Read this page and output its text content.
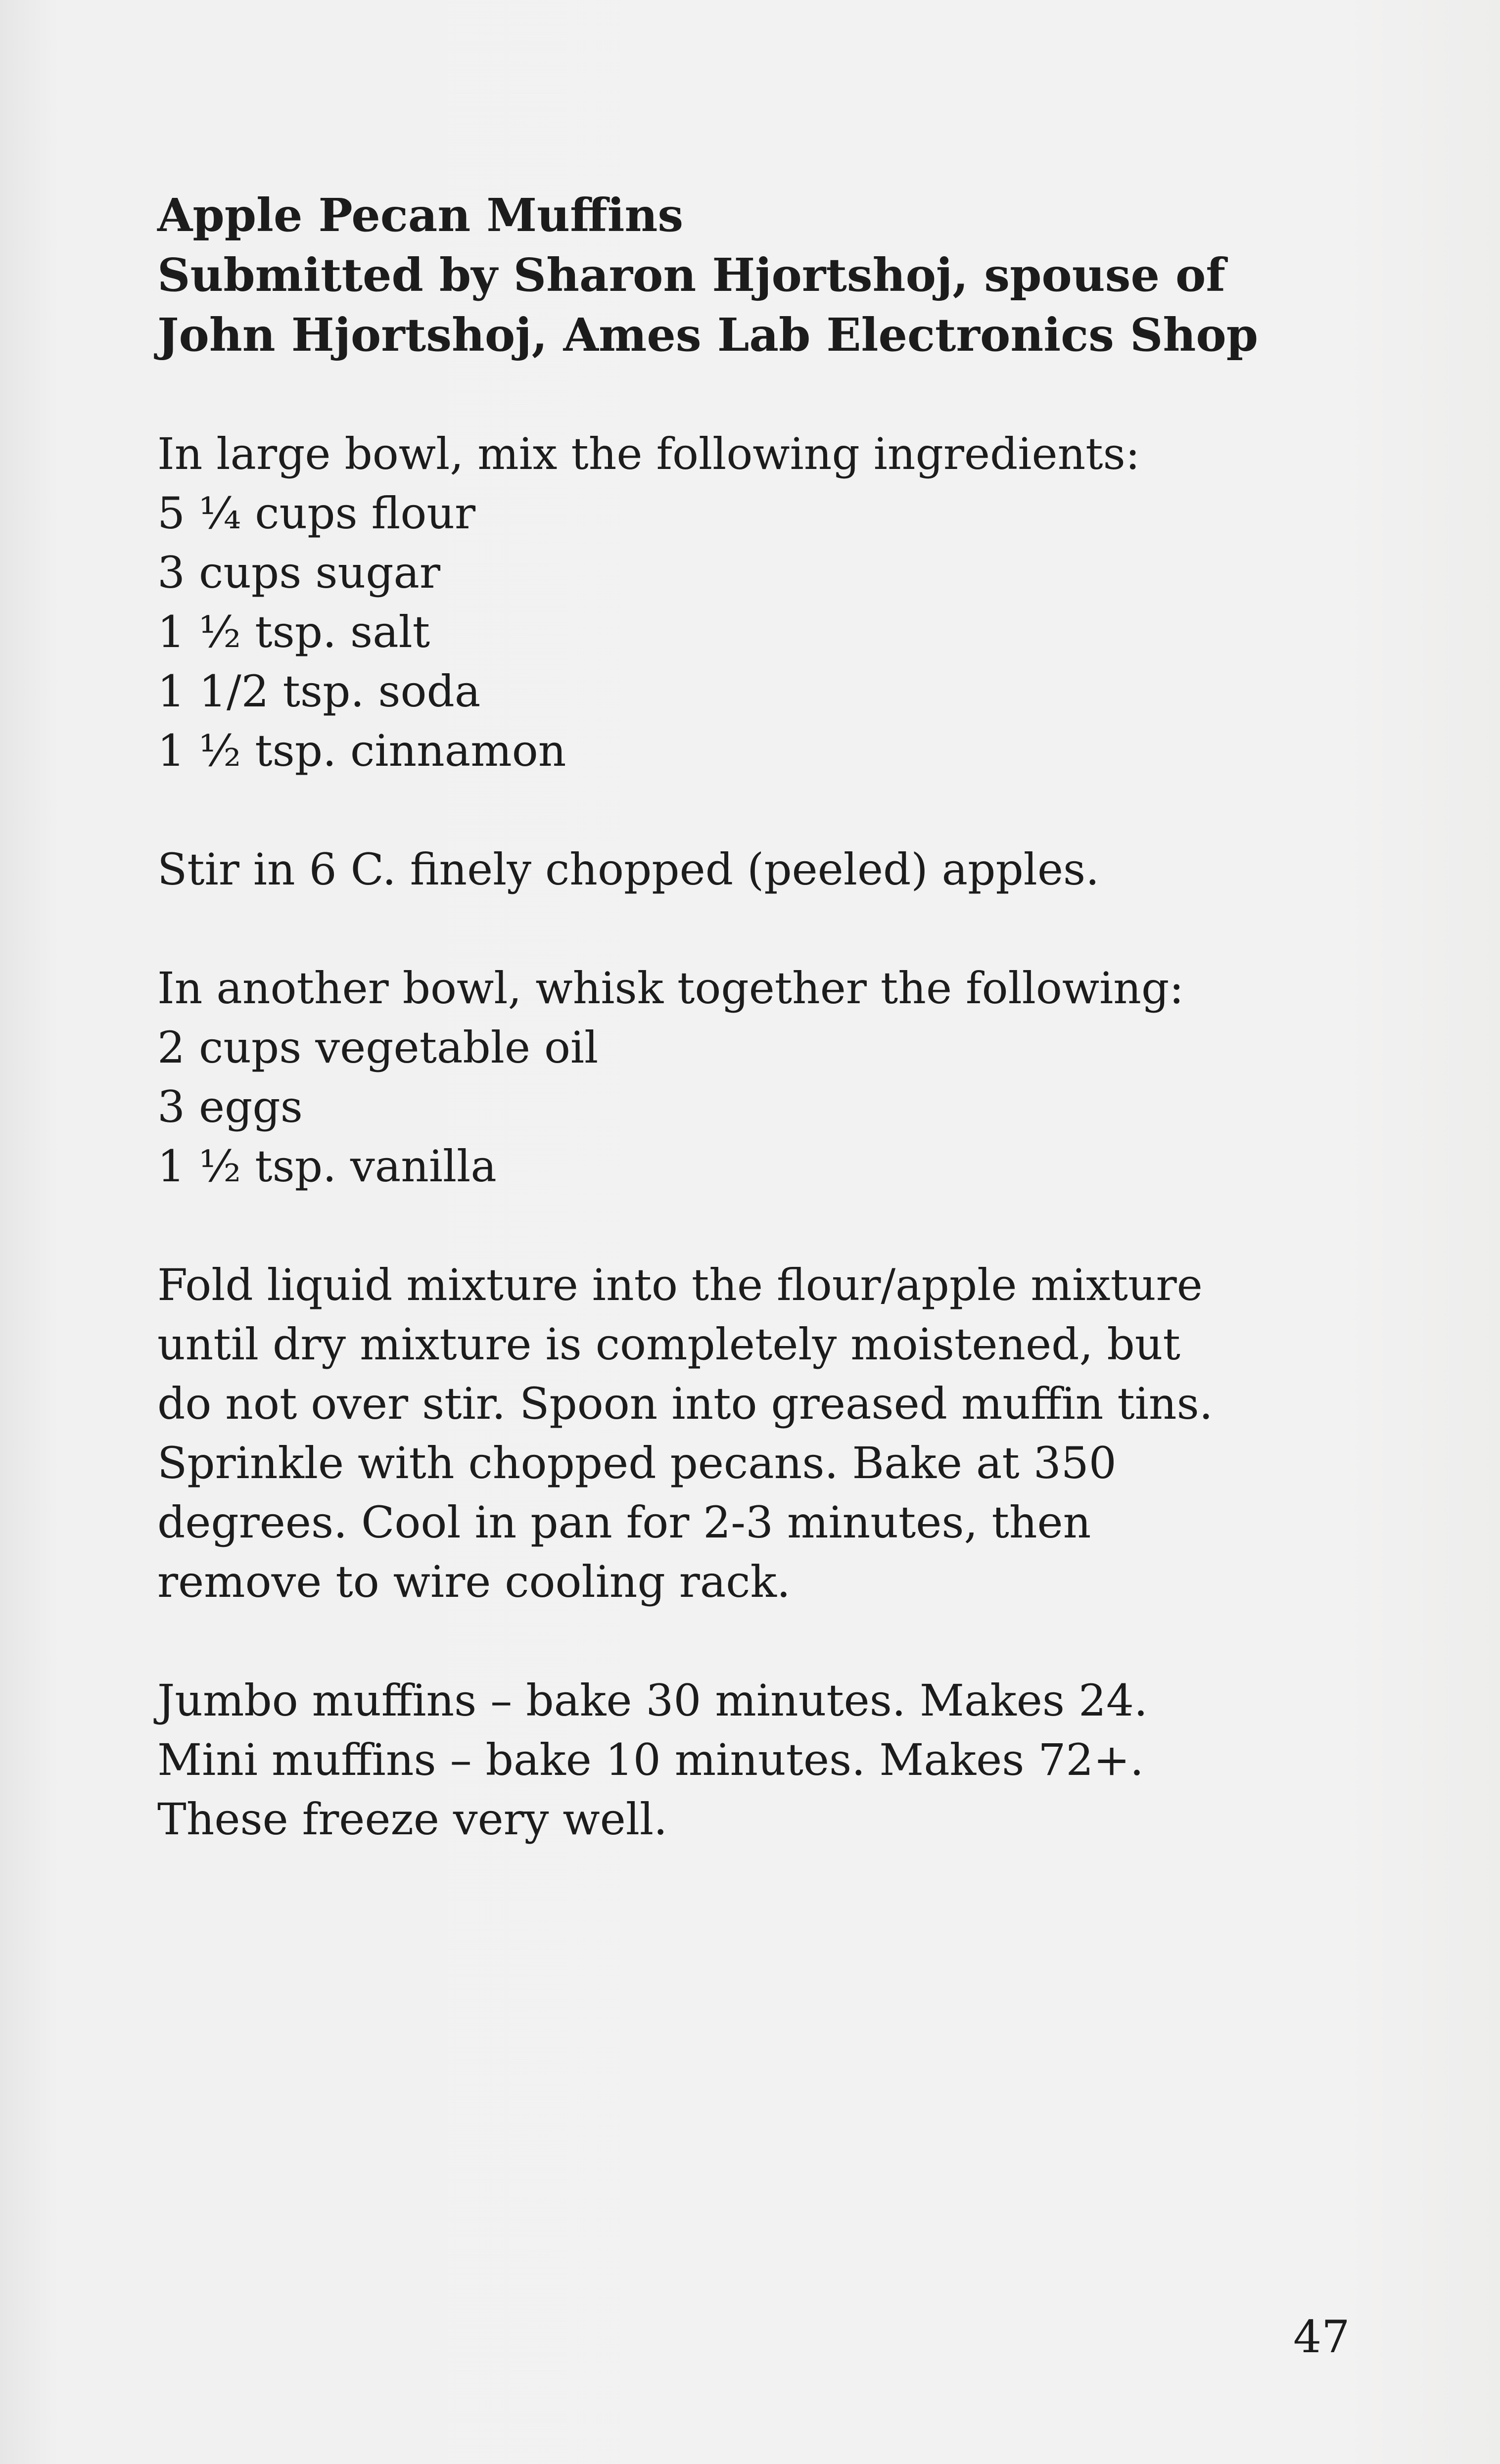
Apple Pecan Muffins
Submitted by Sharon Hjortshoj, spouse of
John Hjortshoj, Ames Lab Electronics Shop
In large bowl, mix the following ingredients:
5 ¼ cups flour
3 cups sugar
1 ½ tsp. salt
1 1/2 tsp. soda
1 ½ tsp. cinnamon
Stir in 6 C. finely chopped (peeled) apples.
In another bowl, whisk together the following:
2 cups vegetable oil
3 eggs
1 ½ tsp. vanilla
Fold liquid mixture into the flour/apple mixture
until dry mixture is completely moistened, but
do not over stir. Spoon into greased muffin tins.
Sprinkle with chopped pecans. Bake at 350
degrees. Cool in pan for 2-3 minutes, then
remove to wire cooling rack.
Jumbo muffins – bake 30 minutes. Makes 24.
Mini muffins – bake 10 minutes. Makes 72+.
These freeze very well.
47
